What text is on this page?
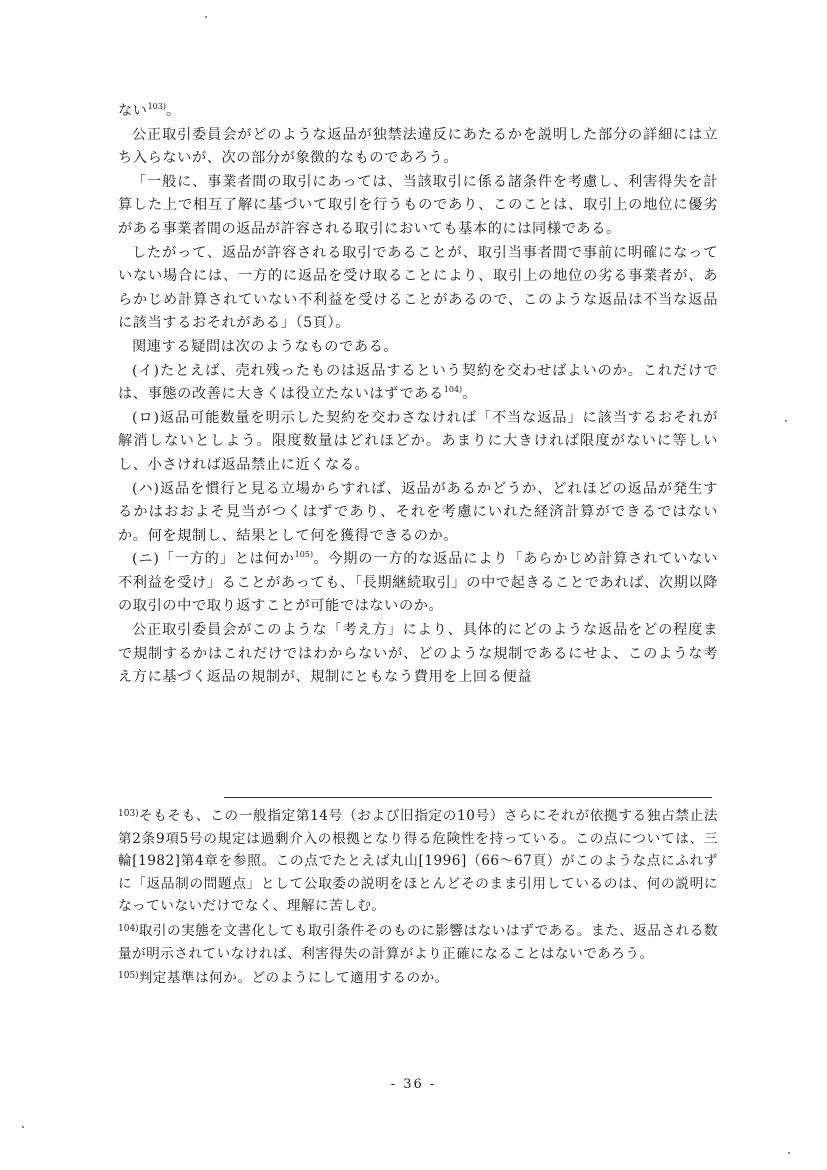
ない$^{103)}$。

公正取引委員会がどのような返品が独禁法違反にあたるかを説明した部分の詳細には立ち入らないが、次の部分が象徴的なものであろう。

「一般に、事業者間の取引にあっては、当該取引に係る諸条件を考慮し、利害得失を計算した上で相互了解に基づいて取引を行うものであり、このことは、取引上の地位に優劣がある事業者間の返品が許容される取引においても基本的には同様である。

したがって、返品が許容される取引であることが、取引当事者間で事前に明確になっていない場合には、一方的に返品を受け取ることにより、取引上の地位の劣る事業者が、あらかじめ計算されていない不利益を受けることがあるので、このような返品は不当な返品に該当するおそれがある」（5頁）。

関連する疑問は次のようなものである。

(イ)たとえば、売れ残ったものは返品するという契約を交わせばよいのか。これだけでは、事態の改善に大きくは役立たないはずである$^{104)}$。

(ロ)返品可能数量を明示した契約を交わさなければ「不当な返品」に該当するおそれが解消しないとしよう。限度数量はどれほどか。あまりに大きければ限度がないに等しいし、小さければ返品禁止に近くなる。

(ハ)返品を慣行と見る立場からすれば、返品があるかどうか、どれほどの返品が発生するかはおおよそ見当がつくはずであり、それを考慮にいれた経済計算ができるではないか。何を規制し、結果として何を獲得できるのか。

(ニ)「一方的」とは何か$^{105)}$。今期の一方的な返品により「あらかじめ計算されていない不利益を受け」ることがあっても、「長期継続取引」の中で起きることであれば、次期以降の取引の中で取り返すことが可能ではないのか。

公正取引委員会がこのような「考え方」により、具体的にどのような返品をどの程度まで規制するかはこれだけではわからないが、どのような規制であるにせよ、このような考え方に基づく返品の規制が、規制にともなう費用を上回る便益

$^{103)}$そもそも、この一般指定第14号（および旧指定の10号）さらにそれが依拠する独占禁止法第2条9項5号の規定は過剰介入の根拠となり得る危険性を持っている。この点については、三輪[1982]第4章を参照。この点でたとえば丸山[1996]（66〜67頁）がこのような点にふれずに「返品制の問題点」として公取委の説明をほとんどそのまま引用しているのは、何の説明になっていないだけでなく、理解に苦しむ。

$^{104)}$取引の実態を文書化しても取引条件そのものに影響はないはずである。また、返品される数量が明示されていなければ、利害得失の計算がより正確になることはないであろう。

$^{105)}$判定基準は何か。どのようにして適用するのか。

- 36 -
